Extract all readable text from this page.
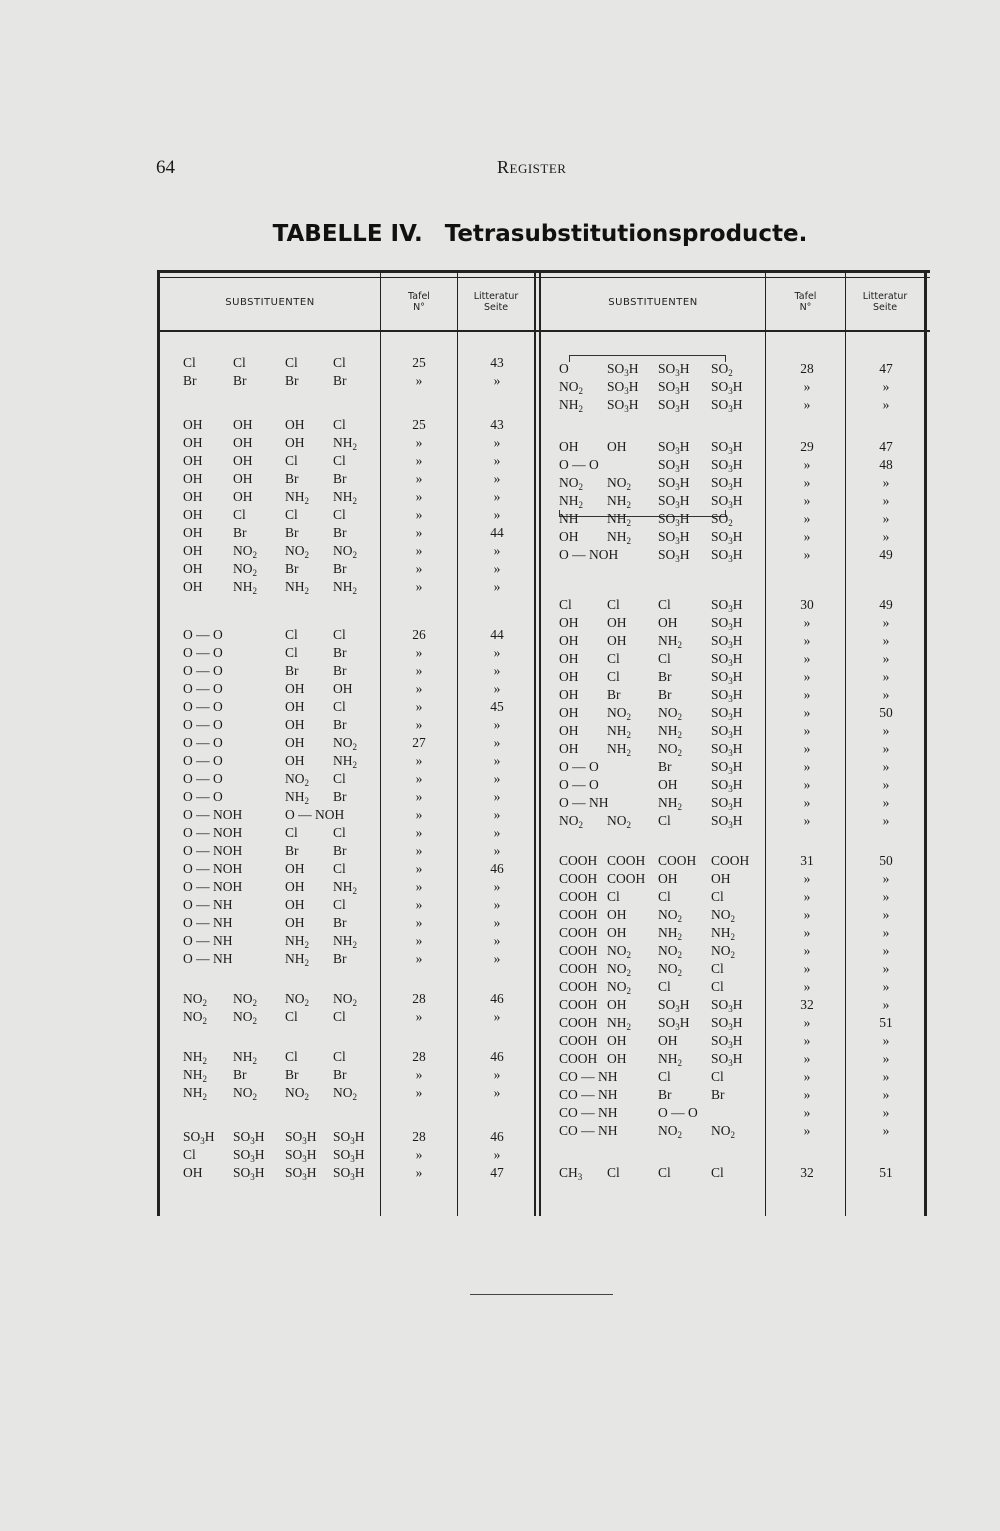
64	Register
TABELLE IV. Tetrasubstitutionsproducte.
SUBSTITUENTEN
Tafel
N°
Litteratur
Seite	SUBSTITUENTEN
Tafel
N°
Litteratur
Seite
Cl	Cl	Cl	Cl	25	43
Br	Br	Br	Br	»	»
OH OH OH Cl	25	43
OH OH OH $NH_2$	»	»
OH OH Cl	Cl	»	»
OH OH Br	Br	»	»
OH OH $NH_2$ $NH_2$	»	»
OH Cl	Cl	Cl	»	»
OH Br	Br	Br	»	44
OH $NO_2$ $NO_2$ $NO_2$	»	»
OH $NO_2$ Br	Br	»	»
OH $NH_2$ $NH_2$ $NH_2$	»	»
O — O	Cl	Cl	26	44
O — O	Cl	Br	»	»
O — O	Br	Br	»	»
O — O	OH OH	»	»
O — O	OH Cl	»	45
O — O	OH Br	»	»
O — O	OH $NO_2$	27	»
O — O	OH $NH_2$	»	»
O — O	$NO_2$ Cl	»	»
O — O	$NH_2$ Br	»	»
O — NOH	O — NOH	»	»
O — NOH	Cl	Cl	»	»
O — NOH	Br	Br	»	»
O — NOH	OH Cl	»	46
O — NOH	OH $NH_2$	»	»
O — NH	OH Cl	»	»
O — NH	OH Br	»	»
O — NH	$NH_2$ $NH_2$	»	»
O — NH	$NH_2$ Br	»	»
$NO_2$ $NO_2$ $NO_2$ $NO_2$	28	46
$NO_2$ $NO_2$ Cl	Cl	»	»
$NH_2$ $NH_2$ Cl	Cl	28	46
$NH_2$ Br	Br	Br	»	»
$NH_2$ $NO_2$ $NO_2$ $NO_2$	»	»
$SO_3H$ $SO_3H$ $SO_3H$ $SO_3H$	28	46
Cl	$SO_3H$ $SO_3H$ $SO_3H$	»	»
OH $SO_3H$ $SO_3H$ $SO_3H$	»	47
O	$SO_3H$ $SO_3H$ $SO_2$	28	47
$NO_2$ $SO_3H$ $SO_3H$ $SO_3H$	»	»
$NH_2$ $SO_3H$ $SO_3H$ $SO_3H$	»	»
OH OH $SO_3H$ $SO_3H$	29	47
O — O	$SO_3H$ $SO_3H$	»	48
$NO_2$ $NO_2$ $SO_3H$ $SO_3H$	»	»
$NH_2$ $NH_2$ $SO_3H$ $SO_3H$	»	»
NH $NH_2$ $SO_3H$ $SO_2$	»	»
OH $NH_2$ $SO_3H$ $SO_3H$	»	»
O — NOH	$SO_3H$ $SO_3H$	»	49
Cl	Cl	Cl	$SO_3H$	30	49
OH OH OH $SO_3H$	»	»
OH OH $NH_2$ $SO_3H$	»	»
OH Cl	Cl	$SO_3H$	»	»
OH Cl	Br	$SO_3H$	»	»
OH Br	Br	$SO_3H$	»	»
OH $NO_2$ $NO_2$ $SO_3H$	»	50
OH $NH_2$ $NH_2$ $SO_3H$	»	»
OH $NH_2$ $NO_2$ $SO_3H$	»	»
O — O	Br	$SO_3H$	»	»
O — O	OH $SO_3H$	»	»
O — NH	$NH_2$ $SO_3H$	»	»
$NO_2$ $NO_2$ Cl	$SO_3H$	»	»
COOH COOH COOH COOH	31	50
COOH COOH OH OH	»	»
COOH Cl	Cl	Cl	»	»
COOH OH $NO_2$ $NO_2$	»	»
COOH OH $NH_2$ $NH_2$	»	»
COOH $NO_2$ $NO_2$ $NO_2$	»	»
COOH $NO_2$ $NO_2$ Cl	»	»
COOH $NO_2$ Cl	Cl	»	»
COOH OH $SO_3H$ $SO_3H$	32	»
COOH $NH_2$ $SO_3H$ $SO_3H$	»	51
COOH OH OH $SO_3H$	»	»
COOH OH $NH_2$ $SO_3H$	»	»
CO — NH	Cl	Cl	»	»
CO — NH	Br	Br	»	»
CO — NH	O — O	»	»
CO — NH	$NO_2$ $NO_2$	»	»
$CH_3$ Cl	Cl	Cl	32	51
